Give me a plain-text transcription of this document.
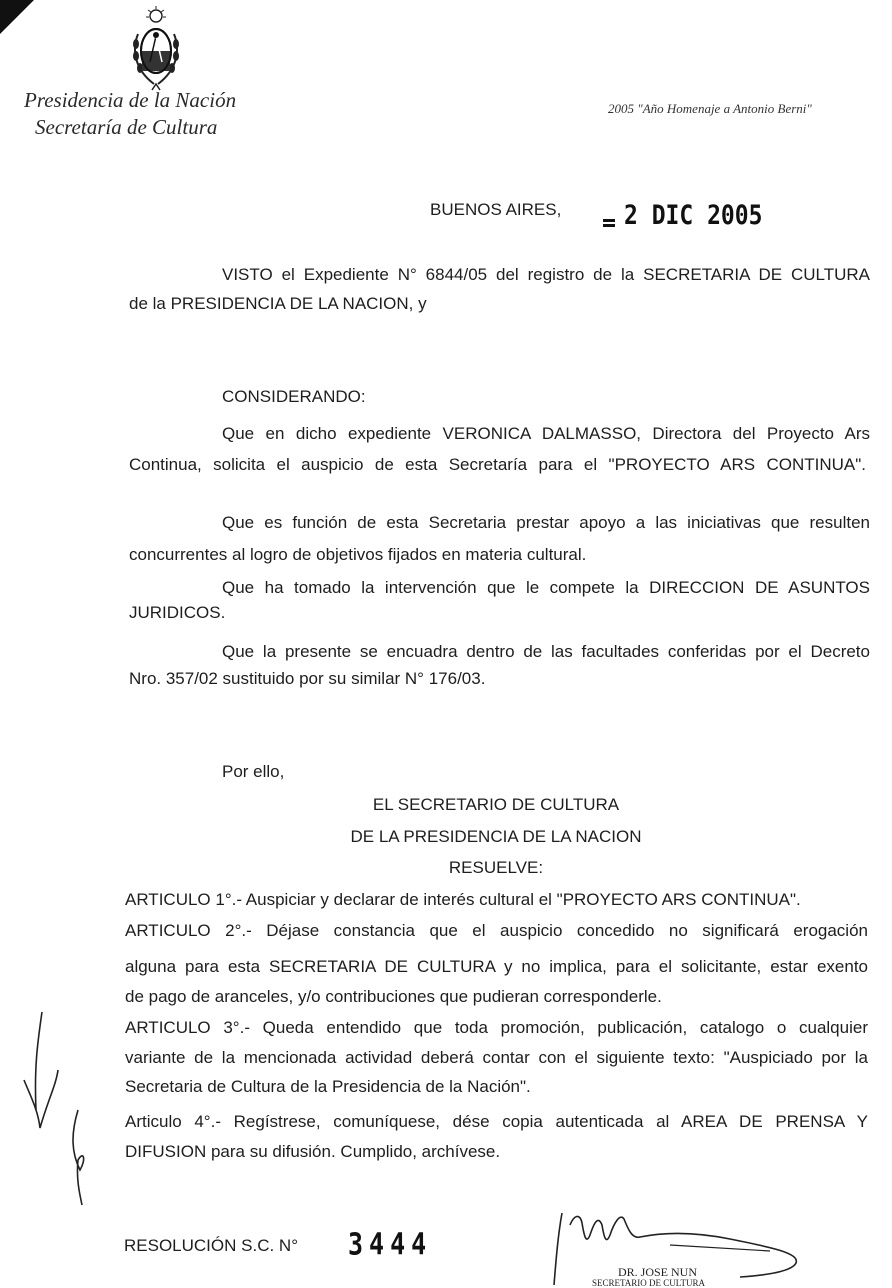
Presidencia de la Nación
Secretaría de Cultura
2005 "Año Homenaje a Antonio Berni"
BUENOS AIRES,	2 DIC 2005
VISTO el Expediente N° 6844/05 del registro de la SECRETARIA DE CULTURA
de la PRESIDENCIA DE LA NACION, y
CONSIDERANDO:
Que en dicho expediente VERONICA DALMASSO, Directora del Proyecto Ars
Continua, solicita el auspicio de esta Secretaría para el "PROYECTO ARS CONTINUA".
Que es función de esta Secretaria prestar apoyo a las iniciativas que resulten
concurrentes al logro de objetivos fijados en materia cultural.
Que ha tomado la intervención que le compete la DIRECCION DE ASUNTOS
JURIDICOS.
Que la presente se encuadra dentro de las facultades conferidas por el Decreto
Nro. 357/02 sustituido por su similar N° 176/03.
Por ello,
EL SECRETARIO DE CULTURA
DE LA PRESIDENCIA DE LA NACION
RESUELVE:
ARTICULO 1°.- Auspiciar y declarar de interés cultural el "PROYECTO ARS CONTINUA".
ARTICULO 2°.- Déjase constancia que el auspicio concedido no significará erogación
alguna para esta SECRETARIA DE CULTURA y no implica, para el solicitante, estar exento
de pago de aranceles, y/o contribuciones que pudieran corresponderle.
ARTICULO 3°.- Queda entendido que toda promoción, publicación, catalogo o cualquier
variante de la mencionada actividad deberá contar con el siguiente texto: "Auspiciado por la
Secretaria de Cultura de la Presidencia de la Nación".
Articulo 4°.- Regístrese, comuníquese, dése copia autenticada al AREA DE PRENSA Y
DIFUSION para su difusión. Cumplido, archívese.
RESOLUCIÓN S.C. N° 3444
DR. JOSE NUN
SECRETARIO DE CULTURA
